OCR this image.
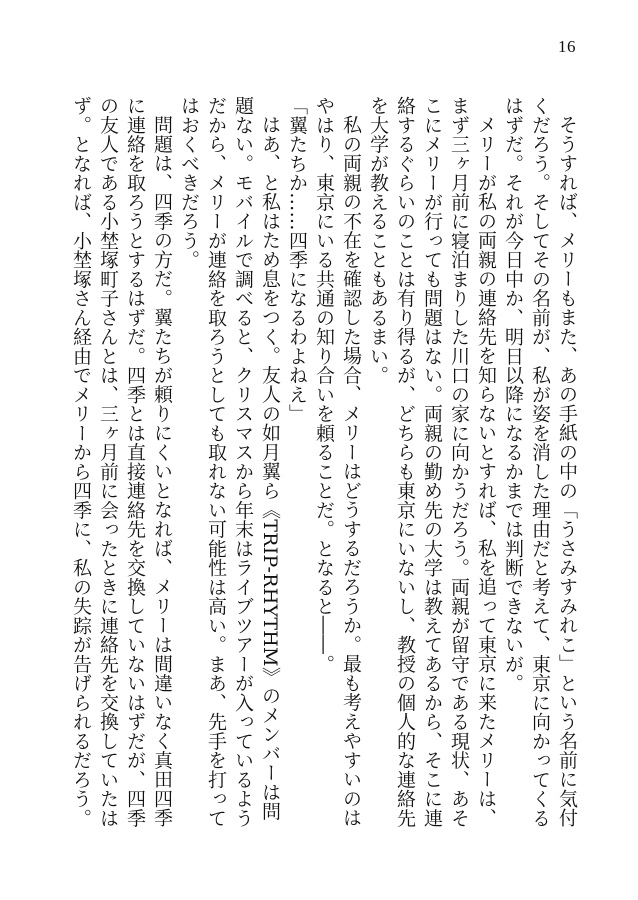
16

そうすれば、メリーもまた、あの手紙の中の「うさみすみれこ」という名前に気付くだろう。そしてその名前が、私が姿を消した理由だと考えて、東京に向かってくるはずだ。それが今日中か、明日以降になるかまでは判断できないが。

メリーが私の両親の連絡先を知らないとすれば、私を追って東京に来たメリーは、まず三ヶ月前に寝泊まりした川口の家に向かうだろう。両親が留守である現状、あそこにメリーが行っても問題はない。両親の勤め先の大学は教えてあるから、そこに連絡するぐらいのことは有り得るが、どちらも東京にいないし、教授の個人的な連絡先を大学が教えることもあるまい。

私の両親の不在を確認した場合、メリーはどうするだろうか。最も考えやすいのはやはり、東京にいる共通の知り合いを頼ることだ。となると――。

「翼たちか……四季になるわよねえ」

はあ、と私はため息をつく。友人の如月翼ら《TRIP-RHYTHM》のメンバーは問題ない。モバイルで調べると、クリスマスから年末はライブツアーが入っているようだから、メリーが連絡を取ろうとしても取れない可能性は高い。まあ、先手を打ってはおくべきだろう。

問題は、四季の方だ。翼たちが頼りにくいとなれば、メリーは間違いなく真田四季に連絡を取ろうとするはずだ。四季とは直接連絡先を交換していないはずだが、四季の友人である小埜塚町子さんとは、三ヶ月前に会ったときに連絡先を交換していたはず。となれば、小埜塚さん経由でメリーから四季に、私の失踪が告げられるだろう。
